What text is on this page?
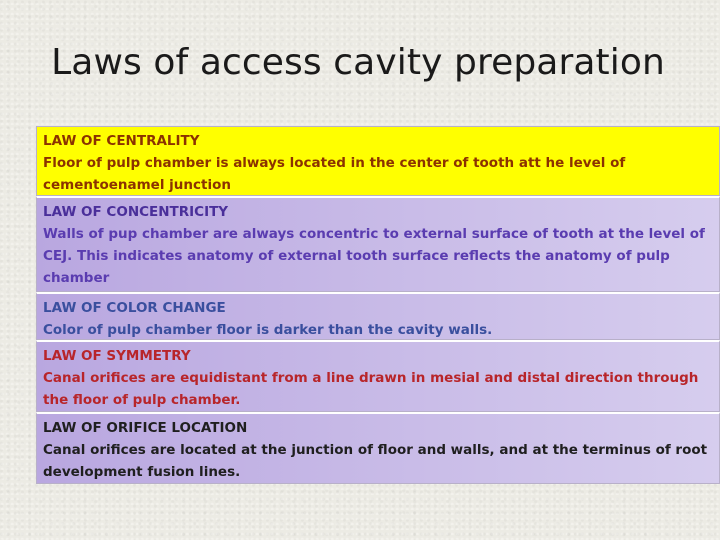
Laws of access cavity preparation
LAW OF CENTRALITY
Floor of pulp chamber is always located in the center of tooth att he level of cementoenamel junction
LAW OF CONCENTRICITY
Walls of pup chamber are always concentric to external surface of tooth at the level of CEJ. This indicates anatomy of external tooth surface reflects the anatomy of pulp chamber
LAW OF COLOR CHANGE
Color of pulp chamber floor is darker than the cavity walls.
LAW OF SYMMETRY
Canal orifices are equidistant from a line drawn in mesial and distal direction through the floor of pulp chamber.
LAW OF ORIFICE LOCATION
Canal orifices are located at the junction of floor and walls, and at the terminus of root development fusion lines.
